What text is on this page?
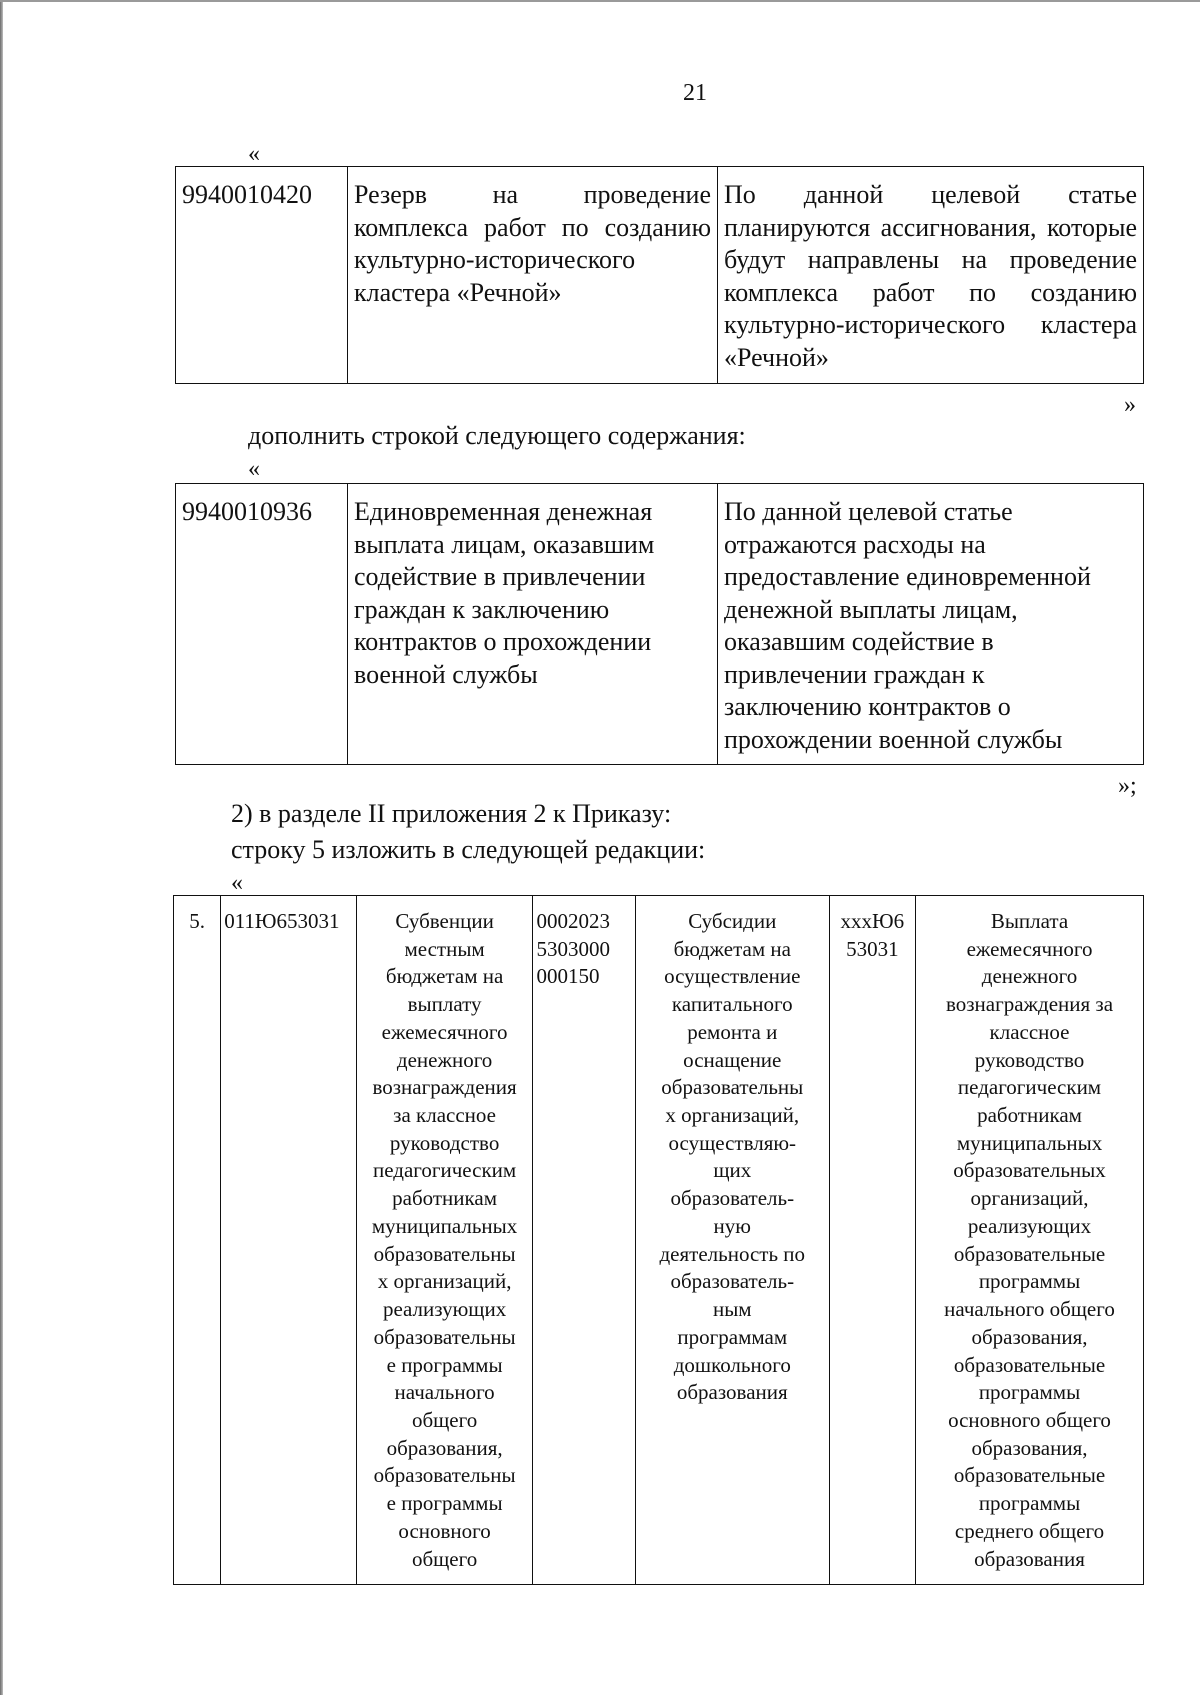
21
«
9940010420	Резерв на проведение комплекса работ по созданию культурно-исторического кластера «Речной»	По данной целевой статье планируются ассигнования, которые будут направлены на проведение комплекса работ по созданию культурно-исторического кластера «Речной»
»
дополнить строкой следующего содержания:
«
9940010936	Единовременная денежная
выплата лицам, оказавшим
содействие в привлечении
граждан к заключению
контрактов о прохождении
военной службы	По данной целевой статье
отражаются расходы на
предоставление единовременной
денежной выплаты лицам,
оказавшим содействие в
привлечении граждан к
заключению контрактов о
прохождении военной службы
»;
2) в разделе II приложения 2 к Приказу:
строку 5 изложить в следующей редакции:
«
5.	011Ю653031	Субвенции
местным
бюджетам на
выплату
ежемесячного
денежного
вознаграждения
за классное
руководство
педагогическим
работникам
муниципальных
образовательны
х организаций,
реализующих
образовательны
е программы
начального
общего
образования,
образовательны
е программы
основного
общего	0002023
5303000
000150	Субсидии
бюджетам на
осуществление
капитального
ремонта и
оснащение
образовательны
х организаций,
осуществляю-
щих
образователь-
ную
деятельность по
образователь-
ным
программам
дошкольного
образования	xxxЮ6
53031	Выплата
ежемесячного
денежного
вознаграждения за
классное
руководство
педагогическим
работникам
муниципальных
образовательных
организаций,
реализующих
образовательные
программы
начального общего
образования,
образовательные
программы
основного общего
образования,
образовательные
программы
среднего общего
образования
